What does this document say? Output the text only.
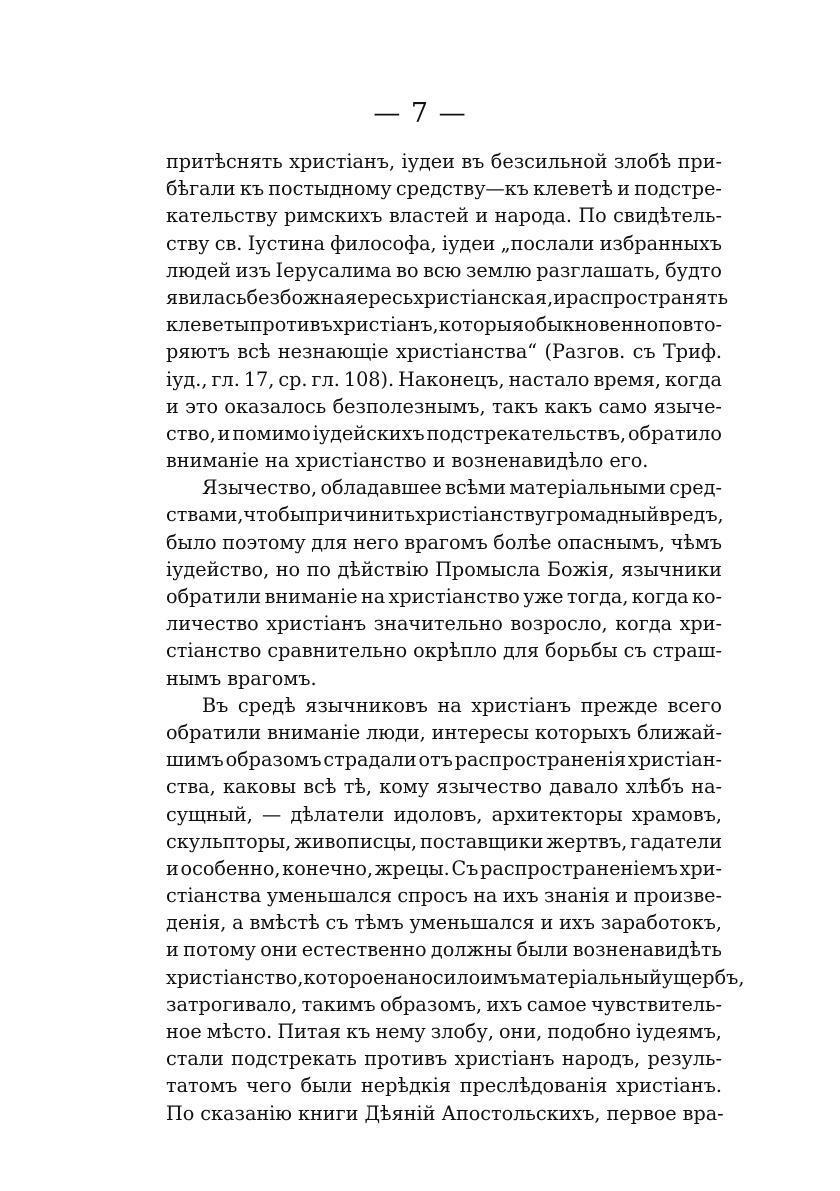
— 7 —
притѣснять христіанъ, іудеи въ безсильной злобѣ при-
бѣгали къ постыдному средству—къ клеветѣ и подстре-
кательству римскихъ властей и народа. По свидѣтель-
ству св. Іустина философа, іудеи „послали избранныхъ
людей изъ Іерусалима во всю землю разглашать, будто
явилась безбожная ересь христіанская, и распространять
клеветы противъ христіанъ, которыя обыкновенно повто-
ряютъ всѣ незнающіе христіанства“ (Разгов. съ Триф.
іуд., гл. 17, ср. гл. 108). Наконецъ, настало время, когда
и это оказалось безполезнымъ, такъ какъ само язычe-
ство, и помимо іудейскихъ подстрекательствъ, обратило
вниманіе на христіанство и возненавидѣло его.
Язычество, обладавшее всѣми матеріальными сред-
ствами, чтобы причинить христіанству громадный вредъ,
было поэтому для него врагомъ болѣе опаснымъ, чѣмъ
іудейство, но по дѣйствію Промысла Божія, язычники
обратили вниманіе на христіанство уже тогда, когда ко-
личество христіанъ значительно возросло, когда хри-
стіанство сравнительно окрѣпло для борьбы съ страш-
нымъ врагомъ.
Въ средѣ язычниковъ на христіанъ прежде всего
обратили вниманіе люди, интересы которыхъ ближай-
шимъ образомъ страдали отъ распространенія христіан-
ства, каковы всѣ тѣ, кому язычество давало хлѣбъ на-
сущный, — дѣлатели идоловъ, архитекторы храмовъ,
скульпторы, живописцы, поставщики жертвъ, гадатели
и особенно, конечно, жрецы. Съ распространеніемъ хри-
стіанства уменьшался спросъ на ихъ знанія и произве-
денія, а вмѣстѣ съ тѣмъ уменьшался и ихъ заработокъ,
и потому они естественно должны были возненавидѣть
христіанство, которое наносило имъ матеріальный ущербъ,
затрогивало, такимъ образомъ, ихъ самое чувствитель-
ное мѣсто. Питая къ нему злобу, они, подобно іудеямъ,
стали подстрекать противъ христіанъ народъ, резуль-
татомъ чего были нерѣдкія преслѣдованія христіанъ.
По сказанію книги Дѣяній Апостольскихъ, первое вра-
